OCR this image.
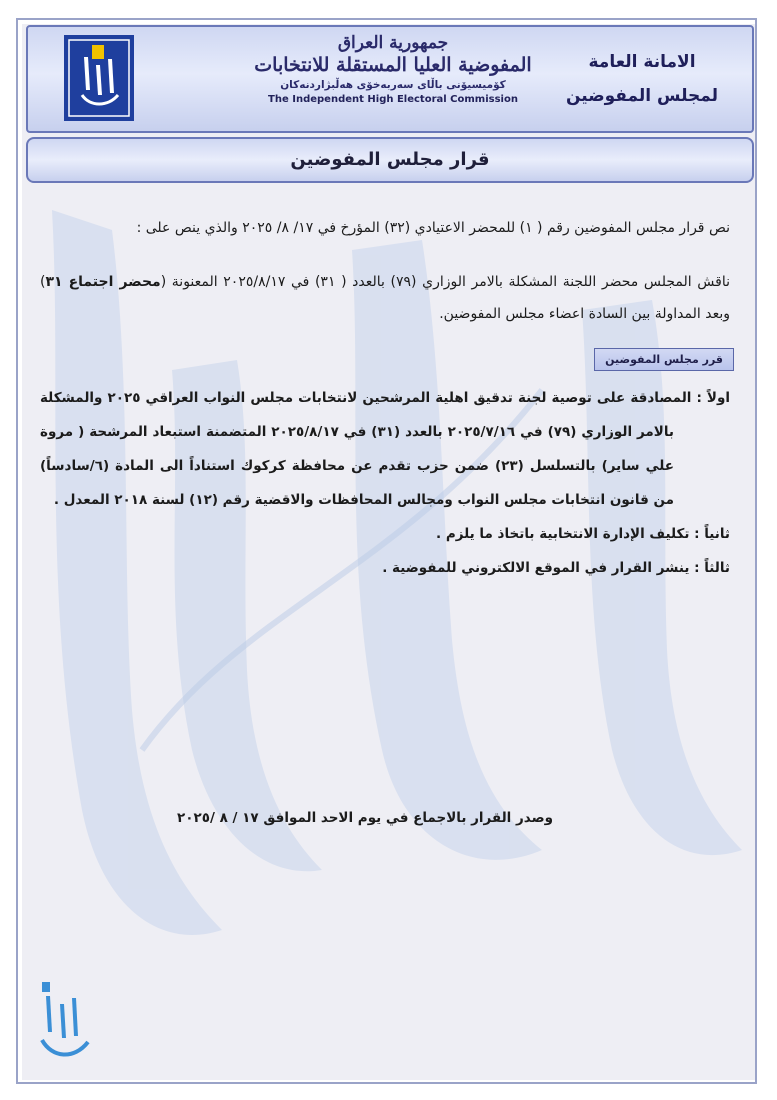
جمهورية العراق
المفوضية العليا المستقلة للانتخابات
كۆمیسیۆنى باڵاى سەربەخۆى هەڵبژاردنەكان
The Independent High Electoral Commission
الامانة العامة
لمجلس المفوضين
قرار مجلس المفوضين

نص قرار مجلس المفوضين رقم ( ١) للمحضر الاعتيادي (٣٢) المؤرخ في ١٧/ ٨/ ٢٠٢٥ والذي ينص على :

ناقش المجلس محضر اللجنة المشكلة بالامر الوزاري (٧٩) بالعدد ( ٣١) في ٢٠٢٥/٨/١٧ المعنونة (محضر اجتماع ٣١) وبعد المداولة بين السادة اعضاء مجلس المفوضين.

قرر مجلس المفوضين

اولاً : المصادقة على توصية لجنة تدقيق اهلية المرشحين لانتخابات مجلس النواب العراقي ٢٠٢٥ والمشكلة بالامر الوزاري (٧٩) في ٢٠٢٥/٧/١٦ بالعدد (٣١) في ٢٠٢٥/٨/١٧ المتضمنة استبعاد المرشحة ( مروة علي ساير) بالتسلسل (٢٣) ضمن حزب تقدم عن محافظة كركوك استناداً الى المادة (٦/سادساً) من قانون انتخابات مجلس النواب ومجالس المحافظات والاقضية رقم (١٢) لسنة ٢٠١٨ المعدل .

ثانياً : تكليف الإدارة الانتخابية باتخاذ ما يلزم .

ثالثاً : ينشر القرار في الموقع الالكتروني للمفوضية .

وصدر القرار بالاجماع في يوم الاحد الموافق ١٧ / ٨ /٢٠٢٥
